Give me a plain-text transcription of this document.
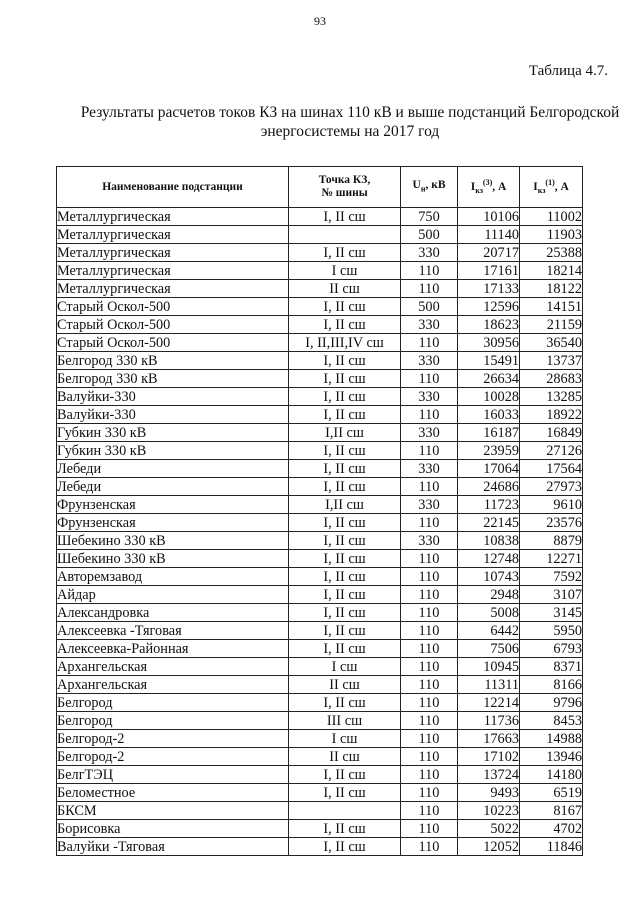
93
Таблица 4.7.
Результаты расчетов токов КЗ на шинах 110 кВ и выше подстанций Белгородской энергосистемы на 2017 год
Наименование подстанции	Точка КЗ,
№ шины	$U_н$, кВ	$I_{кз}^{(3)}$, А	$I_{кз}^{(1)}$, А
Металлургическая	I, II сш	750	10106	11002
Металлургическая		500	11140	11903
Металлургическая	I, II сш	330	20717	25388
Металлургическая	I сш	110	17161	18214
Металлургическая	II сш	110	17133	18122
Старый Оскол-500	I, II сш	500	12596	14151
Старый Оскол-500	I, II сш	330	18623	21159
Старый Оскол-500	I, II,III,IV сш	110	30956	36540
Белгород 330 кВ	I, II сш	330	15491	13737
Белгород 330 кВ	I, II сш	110	26634	28683
Валуйки-330	I, II сш	330	10028	13285
Валуйки-330	I, II сш	110	16033	18922
Губкин 330 кВ	I,II сш	330	16187	16849
Губкин 330 кВ	I, II сш	110	23959	27126
Лебеди	I, II сш	330	17064	17564
Лебеди	I, II сш	110	24686	27973
Фрунзенская	I,II сш	330	11723	9610
Фрунзенская	I, II сш	110	22145	23576
Шебекино 330 кВ	I, II сш	330	10838	8879
Шебекино 330 кВ	I, II сш	110	12748	12271
Авторемзавод	I, II сш	110	10743	7592
Айдар	I, II сш	110	2948	3107
Александровка	I, II сш	110	5008	3145
Алексеевка -Тяговая	I, II сш	110	6442	5950
Алексеевка-Районная	I, II сш	110	7506	6793
Архангельская	I сш	110	10945	8371
Архангельская	II сш	110	11311	8166
Белгород	I, II сш	110	12214	9796
Белгород	III сш	110	11736	8453
Белгород-2	I сш	110	17663	14988
Белгород-2	II сш	110	17102	13946
БелгТЭЦ	I, II сш	110	13724	14180
Беломестное	I, II сш	110	9493	6519
БКСМ		110	10223	8167
Борисовка	I, II сш	110	5022	4702
Валуйки -Тяговая	I, II сш	110	12052	11846
